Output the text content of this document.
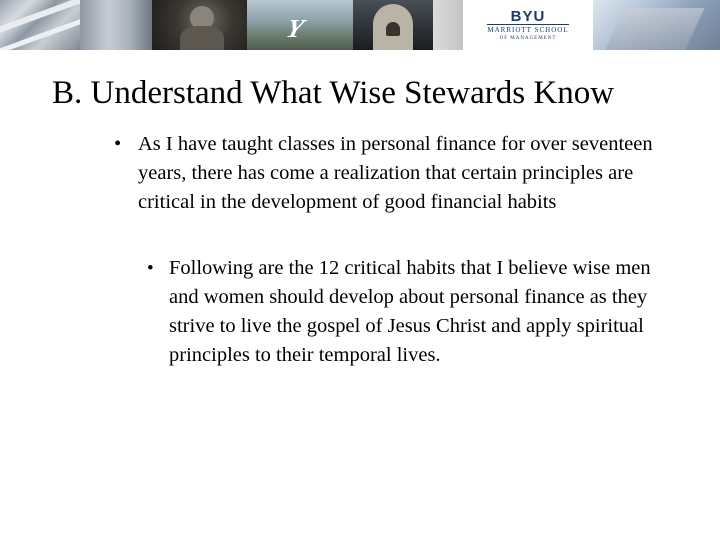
Y	BYU
MARRIOTT SCHOOL
OF MANAGEMENT
B. Understand What Wise Stewards Know
• As I have taught classes in personal finance for over seventeen years, there has come a realization that certain principles are critical in the development of good financial habits
• Following are the 12 critical habits that I believe wise men and women should develop about personal finance as they strive to live the gospel of Jesus Christ and apply spiritual principles to their temporal lives.
